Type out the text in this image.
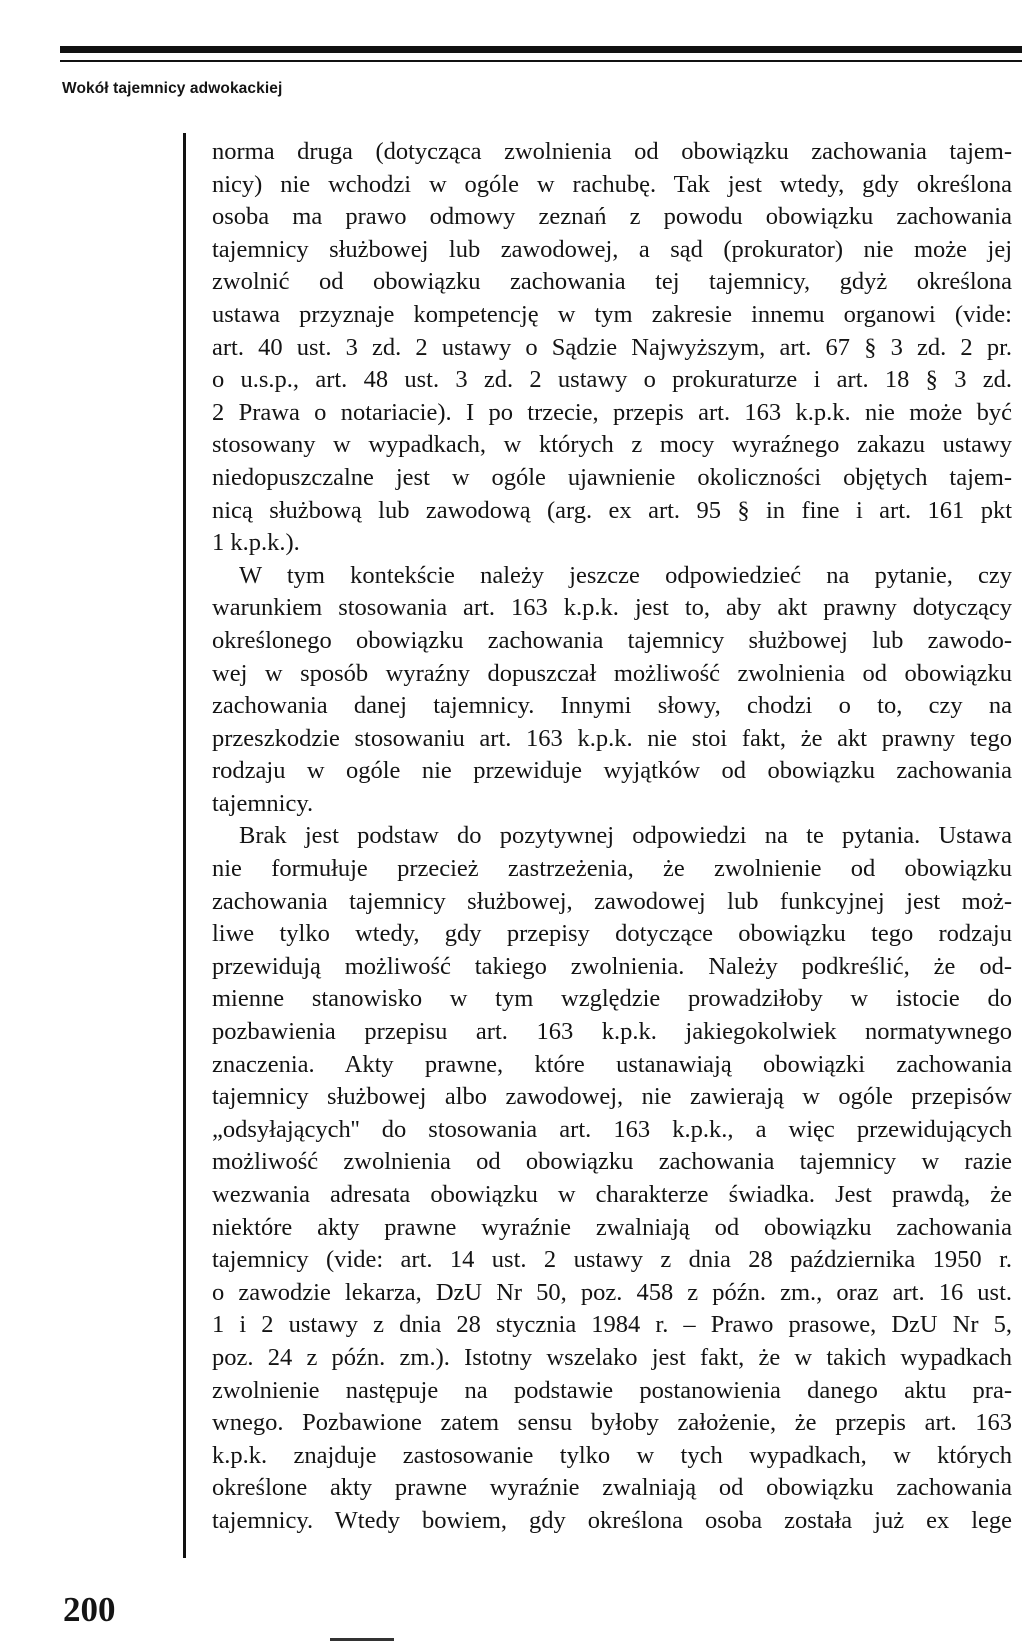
Wokół tajemnicy adwokackiej
norma druga (dotycząca zwolnienia od obowiązku zachowania tajem-
nicy) nie wchodzi w ogóle w rachubę. Tak jest wtedy, gdy określona
osoba ma prawo odmowy zeznań z powodu obowiązku zachowania
tajemnicy służbowej lub zawodowej, a sąd (prokurator) nie może jej
zwolnić od obowiązku zachowania tej tajemnicy, gdyż określona
ustawa przyznaje kompetencję w tym zakresie innemu organowi (vide:
art. 40 ust. 3 zd. 2 ustawy o Sądzie Najwyższym, art. 67 § 3 zd. 2 pr.
o u.s.p., art. 48 ust. 3 zd. 2 ustawy o prokuraturze i art. 18 § 3 zd.
2 Prawa o notariacie). I po trzecie, przepis art. 163 k.p.k. nie może być
stosowany w wypadkach, w których z mocy wyraźnego zakazu ustawy
niedopuszczalne jest w ogóle ujawnienie okoliczności objętych tajem-
nicą służbową lub zawodową (arg. ex art. 95 § in fine i art. 161 pkt
1 k.p.k.).
W tym kontekście należy jeszcze odpowiedzieć na pytanie, czy
warunkiem stosowania art. 163 k.p.k. jest to, aby akt prawny dotyczący
określonego obowiązku zachowania tajemnicy służbowej lub zawodo-
wej w sposób wyraźny dopuszczał możliwość zwolnienia od obowiązku
zachowania danej tajemnicy. Innymi słowy, chodzi o to, czy na
przeszkodzie stosowaniu art. 163 k.p.k. nie stoi fakt, że akt prawny tego
rodzaju w ogóle nie przewiduje wyjątków od obowiązku zachowania
tajemnicy.
Brak jest podstaw do pozytywnej odpowiedzi na te pytania. Ustawa
nie formułuje przecież zastrzeżenia, że zwolnienie od obowiązku
zachowania tajemnicy służbowej, zawodowej lub funkcyjnej jest moż-
liwe tylko wtedy, gdy przepisy dotyczące obowiązku tego rodzaju
przewidują możliwość takiego zwolnienia. Należy podkreślić, że od-
mienne stanowisko w tym względzie prowadziłoby w istocie do
pozbawienia przepisu art. 163 k.p.k. jakiegokolwiek normatywnego
znaczenia. Akty prawne, które ustanawiają obowiązki zachowania
tajemnicy służbowej albo zawodowej, nie zawierają w ogóle przepisów
„odsyłających'' do stosowania art. 163 k.p.k., a więc przewidujących
możliwość zwolnienia od obowiązku zachowania tajemnicy w razie
wezwania adresata obowiązku w charakterze świadka. Jest prawdą, że
niektóre akty prawne wyraźnie zwalniają od obowiązku zachowania
tajemnicy (vide: art. 14 ust. 2 ustawy z dnia 28 października 1950 r.
o zawodzie lekarza, DzU Nr 50, poz. 458 z późn. zm., oraz art. 16 ust.
1 i 2 ustawy z dnia 28 stycznia 1984 r. – Prawo prasowe, DzU Nr 5,
poz. 24 z późn. zm.). Istotny wszelako jest fakt, że w takich wypadkach
zwolnienie następuje na podstawie postanowienia danego aktu pra-
wnego. Pozbawione zatem sensu byłoby założenie, że przepis art. 163
k.p.k. znajduje zastosowanie tylko w tych wypadkach, w których
określone akty prawne wyraźnie zwalniają od obowiązku zachowania
tajemnicy. Wtedy bowiem, gdy określona osoba została już ex lege
200
